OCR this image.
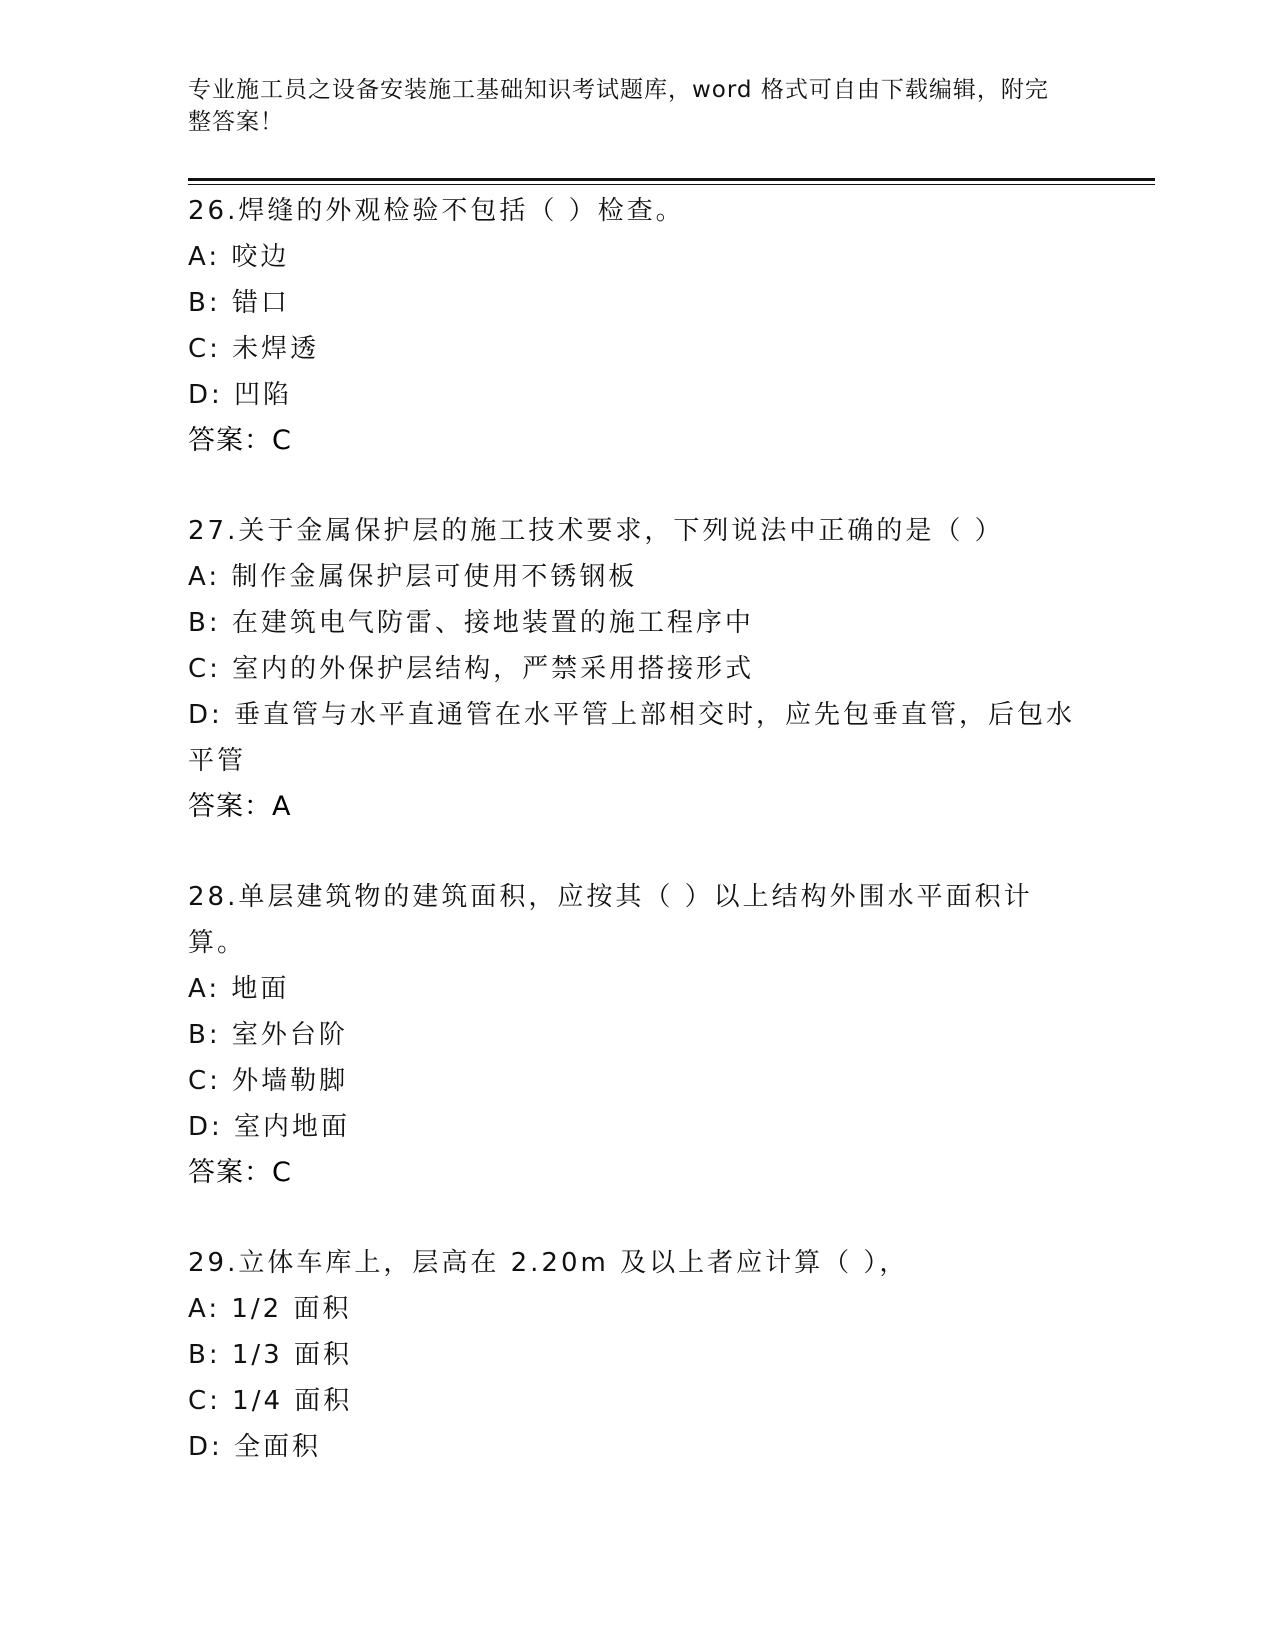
专业施工员之设备安装施工基础知识考试题库，word 格式可自由下载编辑，附完整答案！
26.焊缝的外观检验不包括（ ）检查。
A: 咬边
B: 错口
C: 未焊透
D: 凹陷
答案：C
27.关于金属保护层的施工技术要求，下列说法中正确的是（ ）
A: 制作金属保护层可使用不锈钢板
B: 在建筑电气防雷、接地装置的施工程序中
C: 室内的外保护层结构，严禁采用搭接形式
D: 垂直管与水平直通管在水平管上部相交时，应先包垂直管，后包水平管
答案：A
28.单层建筑物的建筑面积，应按其（ ）以上结构外围水平面积计算。
A: 地面
B: 室外台阶
C: 外墙勒脚
D: 室内地面
答案：C
29.立体车库上，层高在 2.20m 及以上者应计算（ ），
A: 1/2 面积
B: 1/3 面积
C: 1/4 面积
D: 全面积
